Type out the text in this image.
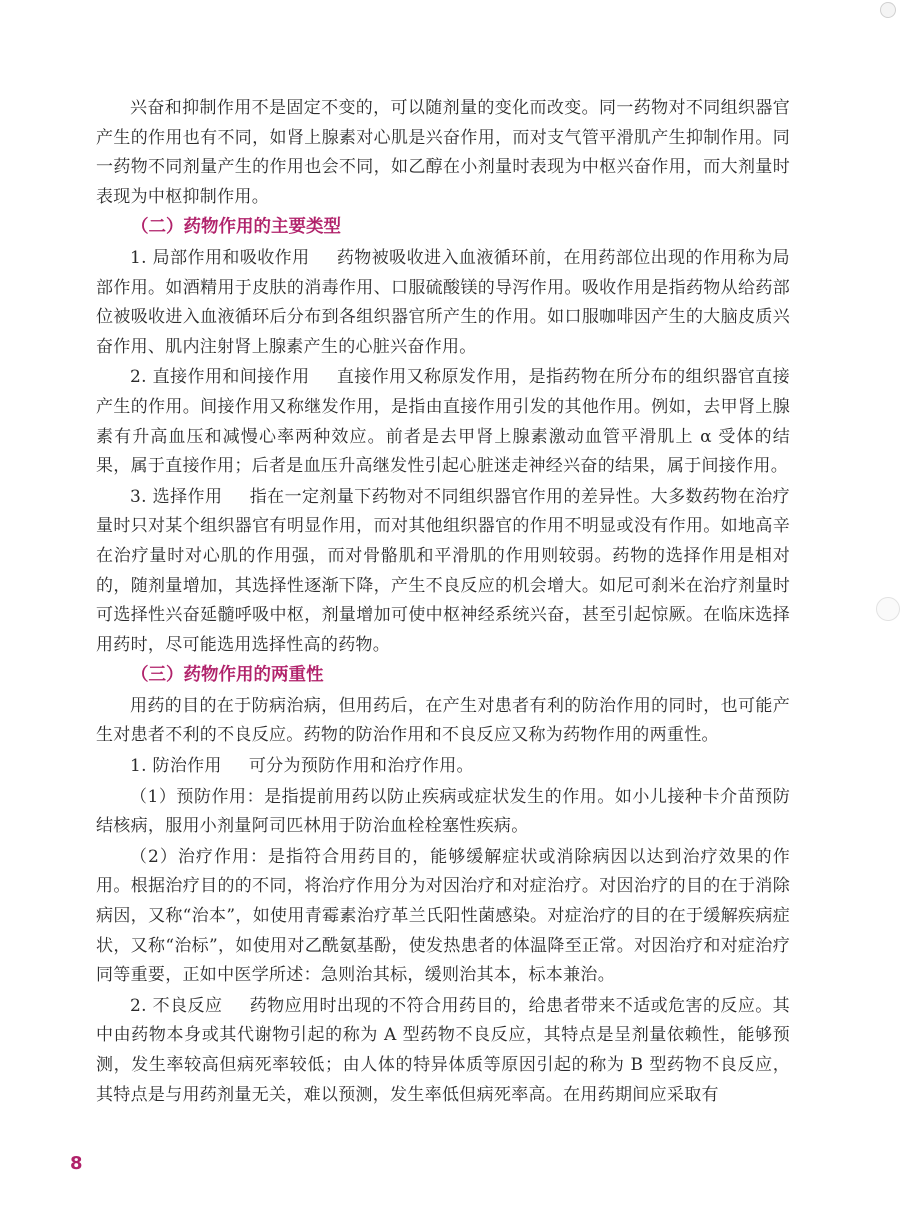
兴奋和抑制作用不是固定不变的，可以随剂量的变化而改变。同一药物对不同组织器官产生的作用也有不同，如肾上腺素对心肌是兴奋作用，而对支气管平滑肌产生抑制作用。同一药物不同剂量产生的作用也会不同，如乙醇在小剂量时表现为中枢兴奋作用，而大剂量时表现为中枢抑制作用。

（二）药物作用的主要类型

1. 局部作用和吸收作用 药物被吸收进入血液循环前，在用药部位出现的作用称为局部作用。如酒精用于皮肤的消毒作用、口服硫酸镁的导泻作用。吸收作用是指药物从给药部位被吸收进入血液循环后分布到各组织器官所产生的作用。如口服咖啡因产生的大脑皮质兴奋作用、肌内注射肾上腺素产生的心脏兴奋作用。

2. 直接作用和间接作用 直接作用又称原发作用，是指药物在所分布的组织器官直接产生的作用。间接作用又称继发作用，是指由直接作用引发的其他作用。例如，去甲肾上腺素有升高血压和减慢心率两种效应。前者是去甲肾上腺素激动血管平滑肌上 α 受体的结果，属于直接作用；后者是血压升高继发性引起心脏迷走神经兴奋的结果，属于间接作用。

3. 选择作用 指在一定剂量下药物对不同组织器官作用的差异性。大多数药物在治疗量时只对某个组织器官有明显作用，而对其他组织器官的作用不明显或没有作用。如地高辛在治疗量时对心肌的作用强，而对骨骼肌和平滑肌的作用则较弱。药物的选择作用是相对的，随剂量增加，其选择性逐渐下降，产生不良反应的机会增大。如尼可刹米在治疗剂量时可选择性兴奋延髓呼吸中枢，剂量增加可使中枢神经系统兴奋，甚至引起惊厥。在临床选择用药时，尽可能选用选择性高的药物。

（三）药物作用的两重性

用药的目的在于防病治病，但用药后，在产生对患者有利的防治作用的同时，也可能产生对患者不利的不良反应。药物的防治作用和不良反应又称为药物作用的两重性。

1. 防治作用 可分为预防作用和治疗作用。

（1）预防作用：是指提前用药以防止疾病或症状发生的作用。如小儿接种卡介苗预防结核病，服用小剂量阿司匹林用于防治血栓栓塞性疾病。

（2）治疗作用：是指符合用药目的，能够缓解症状或消除病因以达到治疗效果的作用。根据治疗目的的不同，将治疗作用分为对因治疗和对症治疗。对因治疗的目的在于消除病因，又称“治本”，如使用青霉素治疗革兰氏阳性菌感染。对症治疗的目的在于缓解疾病症状，又称“治标”，如使用对乙酰氨基酚，使发热患者的体温降至正常。对因治疗和对症治疗同等重要，正如中医学所述：急则治其标，缓则治其本，标本兼治。

2. 不良反应 药物应用时出现的不符合用药目的，给患者带来不适或危害的反应。其中由药物本身或其代谢物引起的称为 A 型药物不良反应，其特点是呈剂量依赖性，能够预测，发生率较高但病死率较低；由人体的特异体质等原因引起的称为 B 型药物不良反应，其特点是与用药剂量无关，难以预测，发生率低但病死率高。在用药期间应采取有

8
